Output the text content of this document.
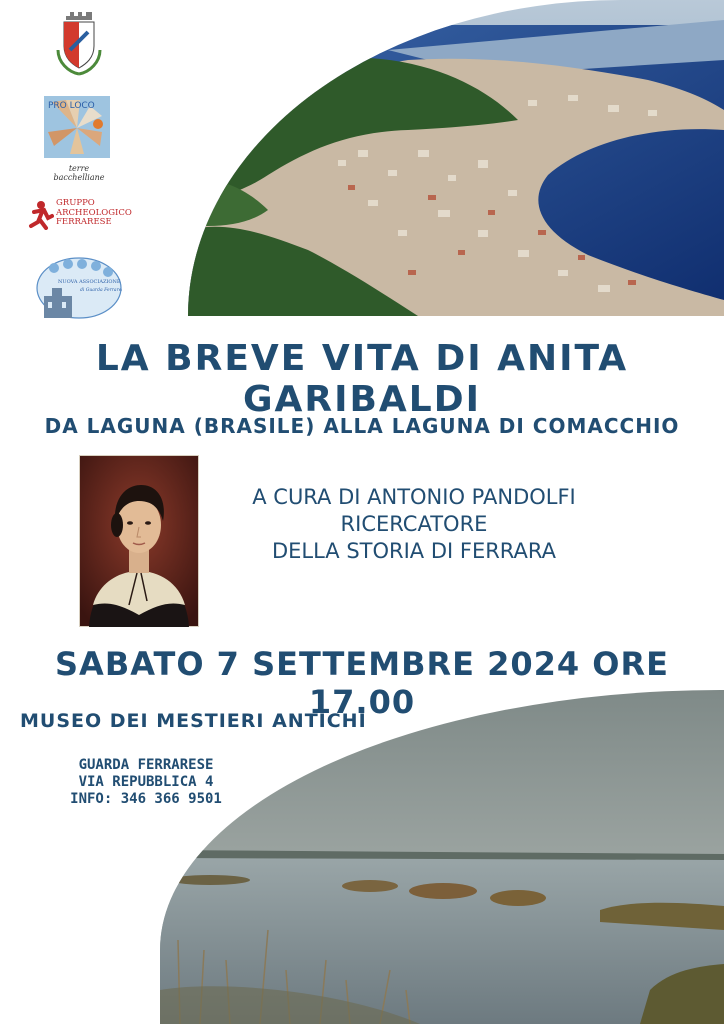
PRO LOCO
terre bacchelliane
GRUPPO
ARCHEOLOGICO
FERRARESE
NUOVA ASSOCIAZIONE
di Guarda Ferrarese
LA BREVE VITA DI ANITA GARIBALDI
DA LAGUNA (BRASILE) ALLA LAGUNA DI COMACCHIO
A CURA DI ANTONIO PANDOLFI
RICERCATORE
DELLA STORIA DI FERRARA
SABATO 7 SETTEMBRE 2024 ORE 17.00
MUSEO DEI MESTIERI ANTICHI
GUARDA FERRARESE
VIA REPUBBLICA 4
INFO: 346 366 9501
